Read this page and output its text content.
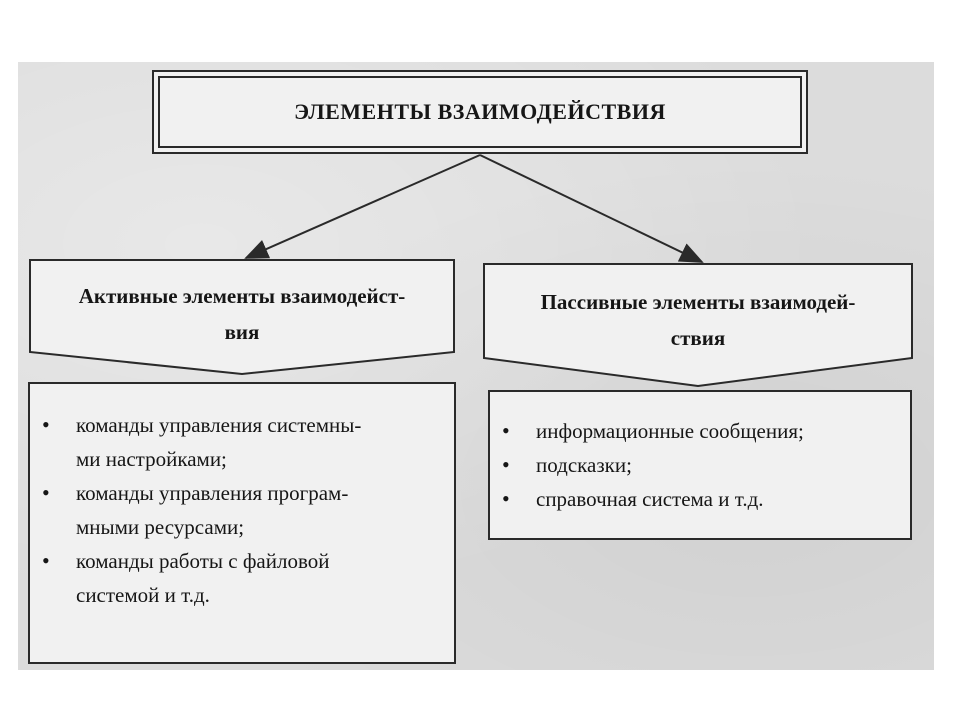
ЭЛЕМЕНТЫ ВЗАИМОДЕЙСТВИЯ
Активные элементы взаимодейст-
вия
Пассивные элементы взаимодей-
ствия
• команды управления системны-
ми настройками;
• команды управления програм-
мными ресурсами;
• команды работы с файловой
системой и т.д.
• информационные сообщения;
• подсказки;
• справочная система и т.д.
